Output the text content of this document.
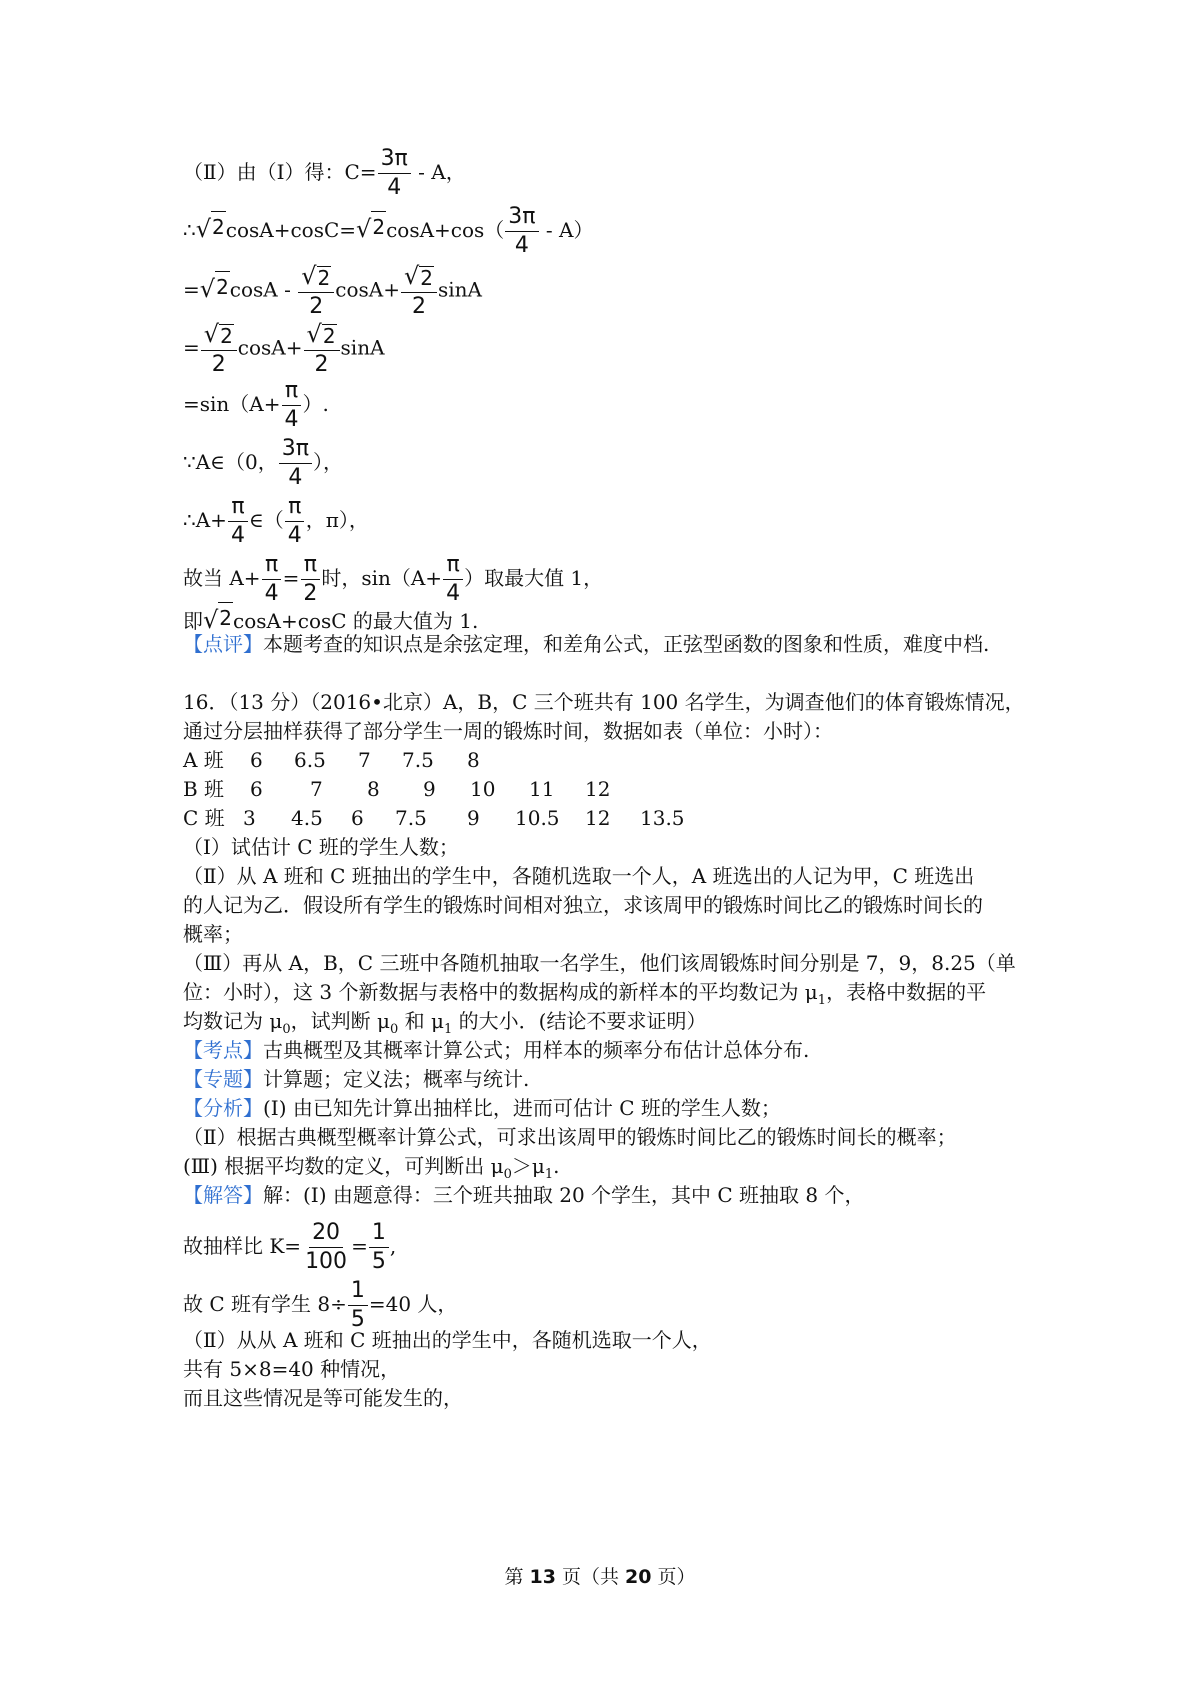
（Ⅱ）由（Ⅰ）得：$C= \frac{3\pi}{4} - A$，
∴ √ 2 cosA+cosC= √ 2 $\cos A+\cos( \frac{3\pi}{4} - A)$
= √ 2 $\cos A - \frac{√ 2}{2} \cos A+ \frac{√ 2}{2}$ sinA
= $\frac{√ 2}{2} \cos A+ \frac{√ 2}{2}$ sinA
$=\sin(A+ \frac{\pi}{4}$ ）.
∵A∈（0， $\frac{3\pi}{4}$ ），
∴A+ $\frac{\pi}{4}$ ∈（ $\frac{\pi}{4}$ ，π），
故当 $A+ \frac{\pi}{4} = \frac{\pi}{2}$ 时，$\sin(A+ \frac{\pi}{4}$ ）取最大值 1，
即 √ 2 cosA+cosC 的最大值为 1.
【点评】本题考查的知识点是余弦定理，和差角公式，正弦型函数的图象和性质，难度中档.
16．（13 分）（2016•北京）A，B，C 三个班共有 100 名学生，为调查他们的体育锻炼情况，
通过分层抽样获得了部分学生一周的锻炼时间，数据如表（单位：小时）：
A 班 6 6.5 7 7.5 8
B 班 6 7 8 9 10 11 12
C 班 3 4.5 6 7.5 9 10.5 12 13.5
（Ⅰ）试估计 C 班的学生人数；
（Ⅱ）从 A 班和 C 班抽出的学生中，各随机选取一个人，A 班选出的人记为甲，C 班选出
的人记为乙．假设所有学生的锻炼时间相对独立，求该周甲的锻炼时间比乙的锻炼时间长的
概率；
（Ⅲ）再从 A，B，C 三班中各随机抽取一名学生，他们该周锻炼时间分别是 7，9，8.25（单
位：小时），这 3 个新数据与表格中的数据构成的新样本的平均数记为 $\mu_1$，表格中数据的平
均数记为 $\mu_0$，试判断 $\mu_0$ 和 $\mu_1$ 的大小．(结论不要求证明）
【考点】古典概型及其概率计算公式；用样本的频率分布估计总体分布.
【专题】计算题；定义法；概率与统计.
【分析】(Ⅰ) 由已知先计算出抽样比，进而可估计 C 班的学生人数；
（Ⅱ）根据古典概型概率计算公式，可求出该周甲的锻炼时间比乙的锻炼时间长的概率；
(Ⅲ) 根据平均数的定义，可判断出 $\mu_0>\mu_1$.
【解答】解：(Ⅰ) 由题意得：三个班共抽取 20 个学生，其中 C 班抽取 8 个，
故抽样比 $K= \frac{20}{100} = \frac{1}{5}$ ,
故 C 班有学生 $8\div \frac{1}{5} =40$ 人，
（Ⅱ）从从 A 班和 C 班抽出的学生中，各随机选取一个人，
共有 5×8=40 种情况，
而且这些情况是等可能发生的，
第 13 页（共 20 页）
